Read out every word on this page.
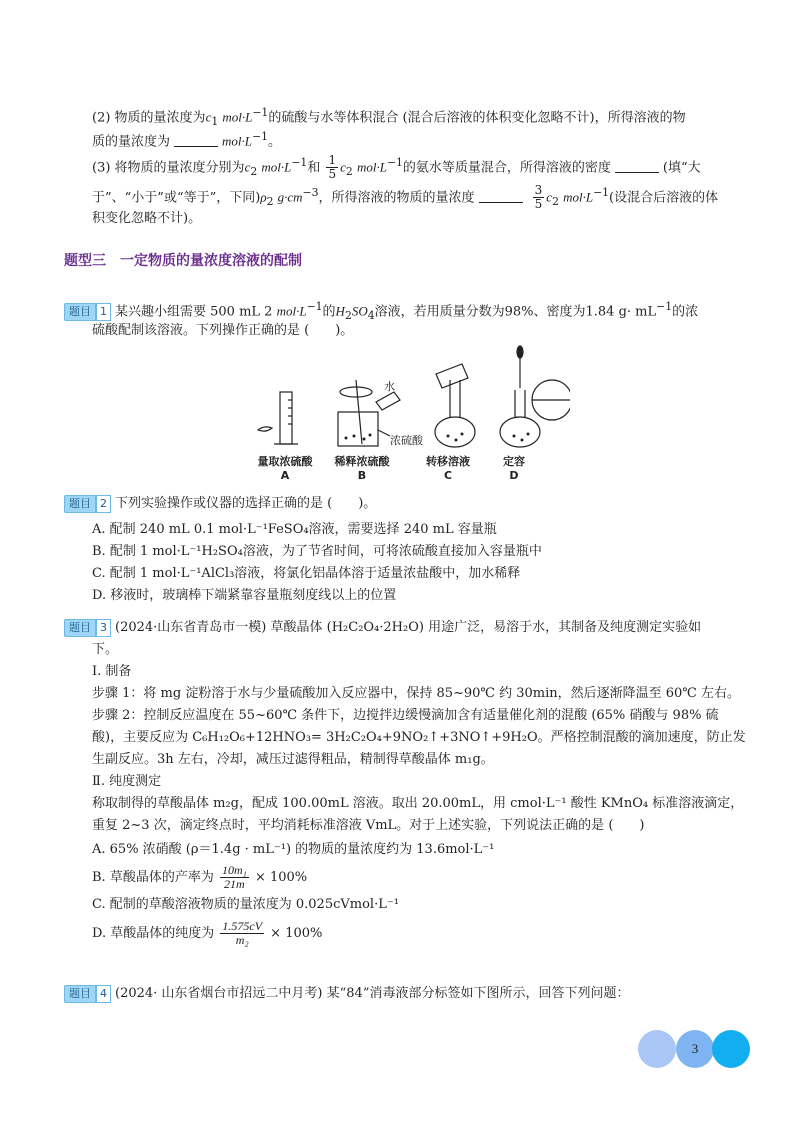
(2) 物质的量浓度为$c_1$ $mol\cdot L^{-1}$的硫酸与水等体积混合 (混合后溶液的体积变化忽略不计)，所得溶液的物
质的量浓度为	$mol\cdot L^{-1}$。
(3) 将物质的量浓度分别为$c_2$ $mol\cdot L^{-1}$和 $\frac{1}{5} c_2$ $mol\cdot L^{-1}$的氨水等质量混合，所得溶液的密度	(填“大
于”、“小于”或“等于”，下同)$\rho_2$ $g\cdot cm^{-3}$，所得溶液的物质的量浓度	$\frac{3}{5} c_2$ $mol\cdot L^{-1}$(设混合后溶液的体
积变化忽略不计)。
题型三　一定物质的量浓度溶液的配制
题目 1 某兴趣小组需要 500 mL 2 $mol\cdot L^{-1}$的$H_2SO_4$溶液，若用质量分数为98%、密度为1.84 $g\cdot mL^{-1}$的浓
硫酸配制该溶液。下列操作正确的是 (　　)。
水
浓硫酸
量取浓硫酸	稀释浓硫酸	转移溶液	定容
A	B	C	D
题目 2 下列实验操作或仪器的选择正确的是 (　　)。
A. 配制 240 mL 0.1 mol·L⁻¹FeSO₄溶液，需要选择 240 mL 容量瓶
B. 配制 1 mol·L⁻¹H₂SO₄溶液，为了节省时间，可将浓硫酸直接加入容量瓶中
C. 配制 1 mol·L⁻¹AlCl₃溶液，将氯化铝晶体溶于适量浓盐酸中，加水稀释
D. 移液时，玻璃棒下端紧靠容量瓶刻度线以上的位置
题目 3 (2024·山东省青岛市一模) 草酸晶体 (H₂C₂O₄·2H₂O) 用途广泛，易溶于水，其制备及纯度测定实验如
下。
Ⅰ. 制备
步骤 1：将 mg 淀粉溶于水与少量硫酸加入反应器中，保持 85~90℃ 约 30min，然后逐渐降温至 60℃ 左右。
步骤 2：控制反应温度在 55~60℃ 条件下，边搅拌边缓慢滴加含有适量催化剂的混酸 (65% 硝酸与 98% 硫
酸)，主要反应为 C₆H₁₂O₆+12HNO₃= 3H₂C₂O₄+9NO₂↑+3NO↑+9H₂O。严格控制混酸的滴加速度，防止发
生副反应。3h 左右，冷却，减压过滤得粗品，精制得草酸晶体 m₁g。
Ⅱ. 纯度测定
称取制得的草酸晶体 m₂g，配成 100.00mL 溶液。取出 20.00mL，用 cmol·L⁻¹ 酸性 KMnO₄ 标准溶液滴定，
重复 2~3 次，滴定终点时，平均消耗标准溶液 VmL。对于上述实验，下列说法正确的是 (　　)
A. 65% 浓硝酸 (ρ＝1.4g · mL⁻¹) 的物质的量浓度约为 13.6mol·L⁻¹
B. 草酸晶体的产率为 $\frac{\text{10m₁}}{21m} \times 100\%$
C. 配制的草酸溶液物质的量浓度为 0.025cVmol·L⁻¹
D. 草酸晶体的纯度为 $\frac{1.575cV}{\text{m₂}} \times 100\%$
题目 4 (2024· 山东省烟台市招远二中月考) 某“84”消毒液部分标签如下图所示，回答下列问题：
3
